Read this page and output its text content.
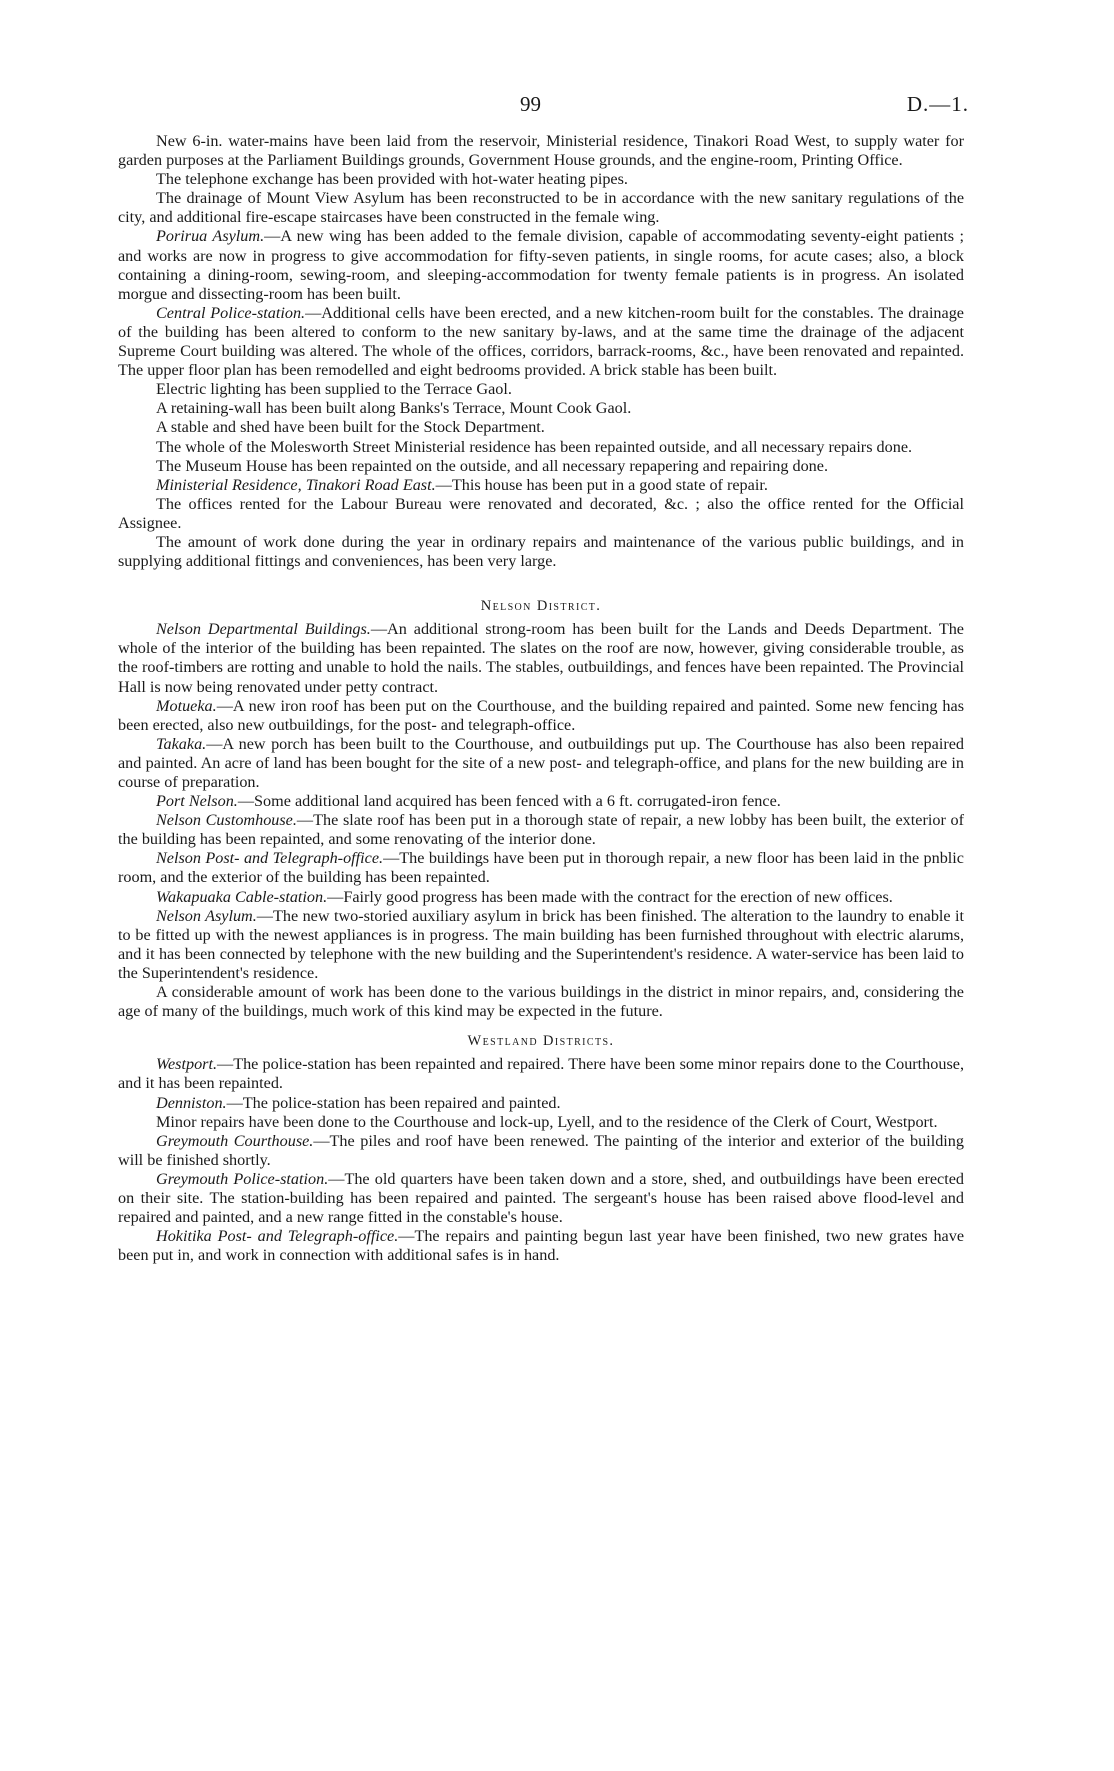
99	D.—1.

New 6-in. water-mains have been laid from the reservoir, Ministerial residence, Tinakori Road West, to supply water for garden purposes at the Parliament Buildings grounds, Government House grounds, and the engine-room, Printing Office.

The telephone exchange has been provided with hot-water heating pipes.

The drainage of Mount View Asylum has been reconstructed to be in accordance with the new sanitary regulations of the city, and additional fire-escape staircases have been constructed in the female wing.

Porirua Asylum.—A new wing has been added to the female division, capable of accommodating seventy-eight patients ; and works are now in progress to give accommodation for fifty-seven patients, in single rooms, for acute cases; also, a block containing a dining-room, sewing-room, and sleeping-accommodation for twenty female patients is in progress. An isolated morgue and dissecting-room has been built.

Central Police-station.—Additional cells have been erected, and a new kitchen-room built for the constables. The drainage of the building has been altered to conform to the new sanitary by-laws, and at the same time the drainage of the adjacent Supreme Court building was altered. The whole of the offices, corridors, barrack-rooms, &c., have been renovated and repainted. The upper floor plan has been remodelled and eight bedrooms provided. A brick stable has been built.

Electric lighting has been supplied to the Terrace Gaol.

A retaining-wall has been built along Banks's Terrace, Mount Cook Gaol.

A stable and shed have been built for the Stock Department.

The whole of the Molesworth Street Ministerial residence has been repainted outside, and all necessary repairs done.

The Museum House has been repainted on the outside, and all necessary repapering and repairing done.

Ministerial Residence, Tinakori Road East.—This house has been put in a good state of repair.

The offices rented for the Labour Bureau were renovated and decorated, &c. ; also the office rented for the Official Assignee.

The amount of work done during the year in ordinary repairs and maintenance of the various public buildings, and in supplying additional fittings and conveniences, has been very large.

Nelson District.

Nelson Departmental Buildings.—An additional strong-room has been built for the Lands and Deeds Department. The whole of the interior of the building has been repainted. The slates on the roof are now, however, giving considerable trouble, as the roof-timbers are rotting and unable to hold the nails. The stables, outbuildings, and fences have been repainted. The Provincial Hall is now being renovated under petty contract.

Motueka.—A new iron roof has been put on the Courthouse, and the building repaired and painted. Some new fencing has been erected, also new outbuildings, for the post- and telegraph-office.

Takaka.—A new porch has been built to the Courthouse, and outbuildings put up. The Courthouse has also been repaired and painted. An acre of land has been bought for the site of a new post- and telegraph-office, and plans for the new building are in course of preparation.

Port Nelson.—Some additional land acquired has been fenced with a 6 ft. corrugated-iron fence.

Nelson Customhouse.—The slate roof has been put in a thorough state of repair, a new lobby has been built, the exterior of the building has been repainted, and some renovating of the interior done.

Nelson Post- and Telegraph-office.—The buildings have been put in thorough repair, a new floor has been laid in the pnblic room, and the exterior of the building has been repainted.

Wakapuaka Cable-station.—Fairly good progress has been made with the contract for the erection of new offices.

Nelson Asylum.—The new two-storied auxiliary asylum in brick has been finished. The alteration to the laundry to enable it to be fitted up with the newest appliances is in progress. The main building has been furnished throughout with electric alarums, and it has been connected by telephone with the new building and the Superintendent's residence. A water-service has been laid to the Superintendent's residence.

A considerable amount of work has been done to the various buildings in the district in minor repairs, and, considering the age of many of the buildings, much work of this kind may be expected in the future.

Westland Districts.

Westport.—The police-station has been repainted and repaired. There have been some minor repairs done to the Courthouse, and it has been repainted.

Denniston.—The police-station has been repaired and painted.

Minor repairs have been done to the Courthouse and lock-up, Lyell, and to the residence of the Clerk of Court, Westport.

Greymouth Courthouse.—The piles and roof have been renewed. The painting of the interior and exterior of the building will be finished shortly.

Greymouth Police-station.—The old quarters have been taken down and a store, shed, and outbuildings have been erected on their site. The station-building has been repaired and painted. The sergeant's house has been raised above flood-level and repaired and painted, and a new range fitted in the constable's house.

Hokitika Post- and Telegraph-office.—The repairs and painting begun last year have been finished, two new grates have been put in, and work in connection with additional safes is in hand.
